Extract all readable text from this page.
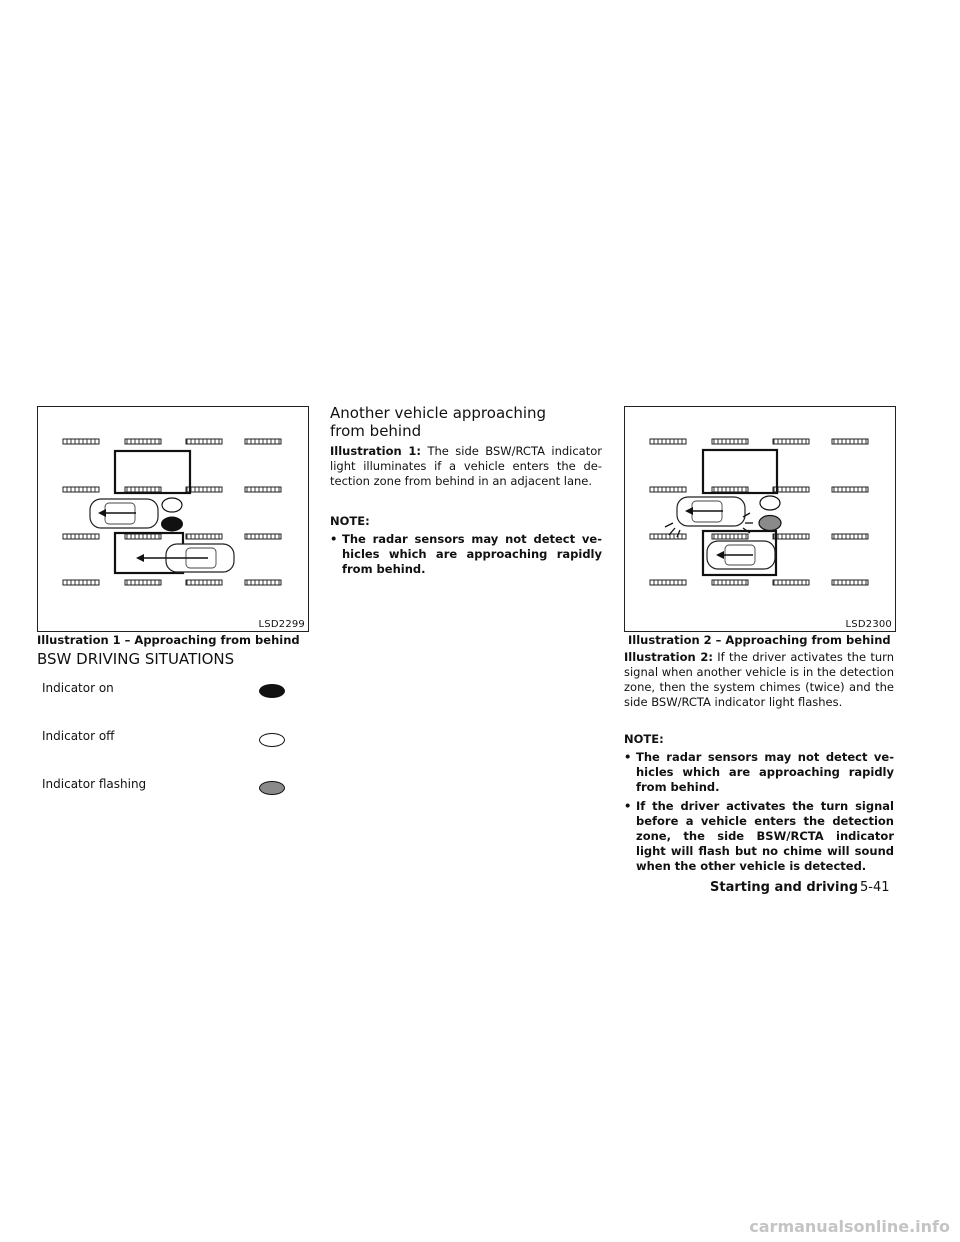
LSD2299
Illustration 1 – Approaching from behind
BSW DRIVING SITUATIONS
Indicator on
Indicator off
Indicator flashing
Another vehicle approaching
from behind
Illustration 1: The side BSW/RCTA indicator light illuminates if a vehicle enters the de-tection zone from behind in an adjacent lane.
NOTE:
• The radar sensors may not detect ve-hicles which are approaching rapidly from behind.
LSD2300
Illustration 2 – Approaching from behind
Illustration 2: If the driver activates the turn signal when another vehicle is in the detection zone, then the system chimes (twice) and the side BSW/RCTA indicator light flashes.
NOTE:
• The radar sensors may not detect ve-hicles which are approaching rapidly from behind.
• If the driver activates the turn signal before a vehicle enters the detection zone, the side BSW/RCTA indicator light will flash but no chime will sound when the other vehicle is detected.
Starting and driving 5-41
carmanualsonline.info
